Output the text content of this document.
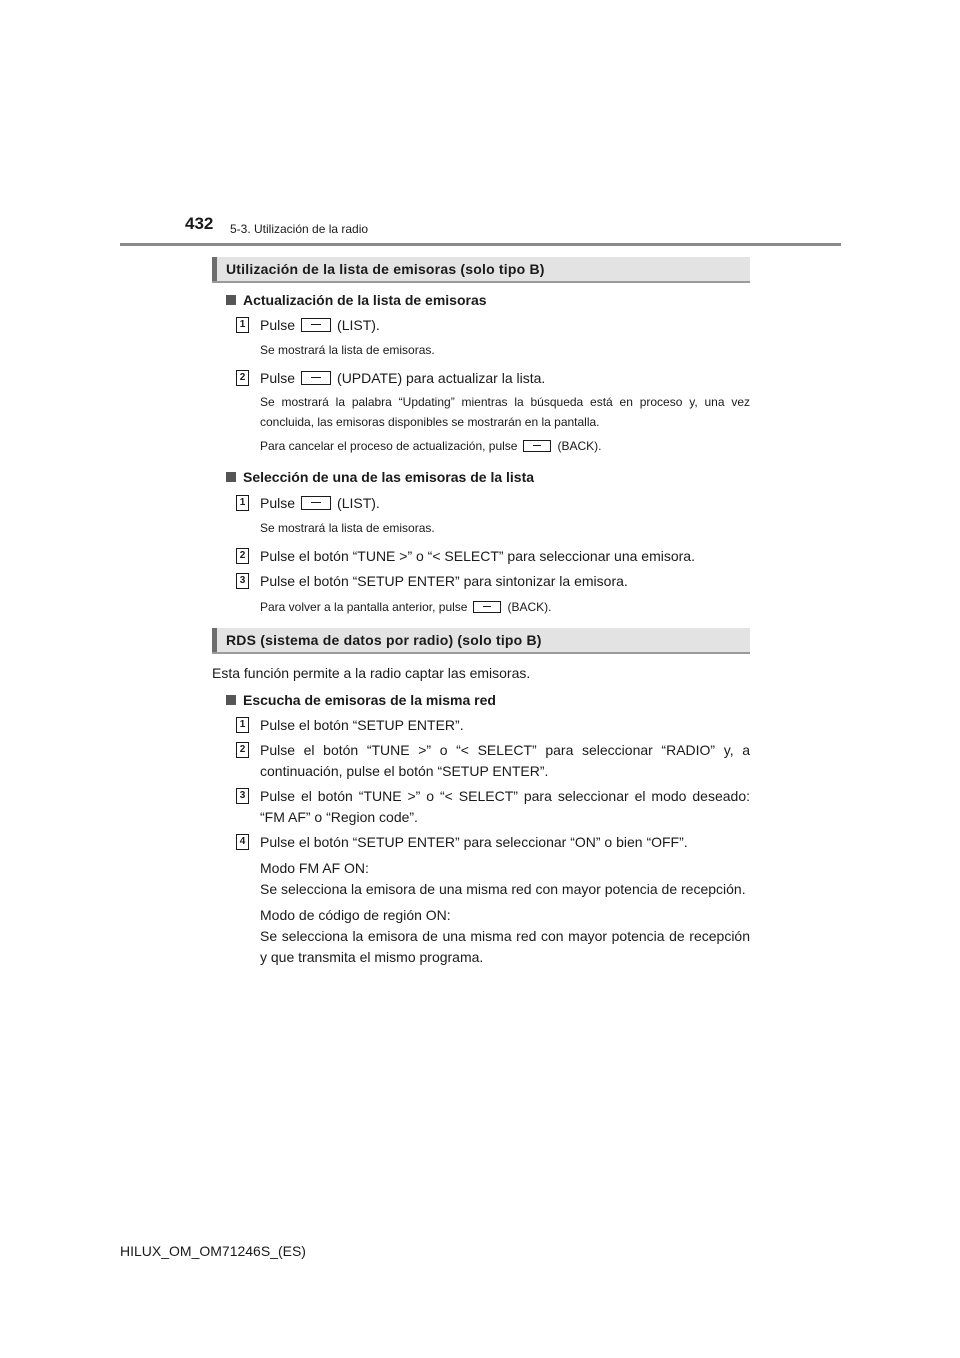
432 5-3. Utilización de la radio
Utilización de la lista de emisoras (solo tipo B)
Actualización de la lista de emisoras
1 Pulse	(LIST).
Se mostrará la lista de emisoras.
2 Pulse	(UPDATE) para actualizar la lista.
Se mostrará la palabra “Updating” mientras la búsqueda está en proceso y, una vez concluida, las emisoras disponibles se mostrarán en la pantalla.
Para cancelar el proceso de actualización, pulse	(BACK).
Selección de una de las emisoras de la lista
1 Pulse	(LIST).
Se mostrará la lista de emisoras.
2 Pulse el botón “TUNE >” o “< SELECT” para seleccionar una emisora.
3 Pulse el botón “SETUP ENTER” para sintonizar la emisora.
Para volver a la pantalla anterior, pulse	(BACK).
RDS (sistema de datos por radio) (solo tipo B)
Esta función permite a la radio captar las emisoras.
Escucha de emisoras de la misma red
1 Pulse el botón “SETUP ENTER”.
2 Pulse el botón “TUNE >” o “< SELECT” para seleccionar “RADIO” y, a continuación, pulse el botón “SETUP ENTER”.
3 Pulse el botón “TUNE >” o “< SELECT” para seleccionar el modo deseado: “FM AF” o “Region code”.
4 Pulse el botón “SETUP ENTER” para seleccionar “ON” o bien “OFF”.
Modo FM AF ON:
Se selecciona la emisora de una misma red con mayor potencia de recepción.
Modo de código de región ON:
Se selecciona la emisora de una misma red con mayor potencia de recepción y que transmita el mismo programa.
HILUX_OM_OM71246S_(ES)
